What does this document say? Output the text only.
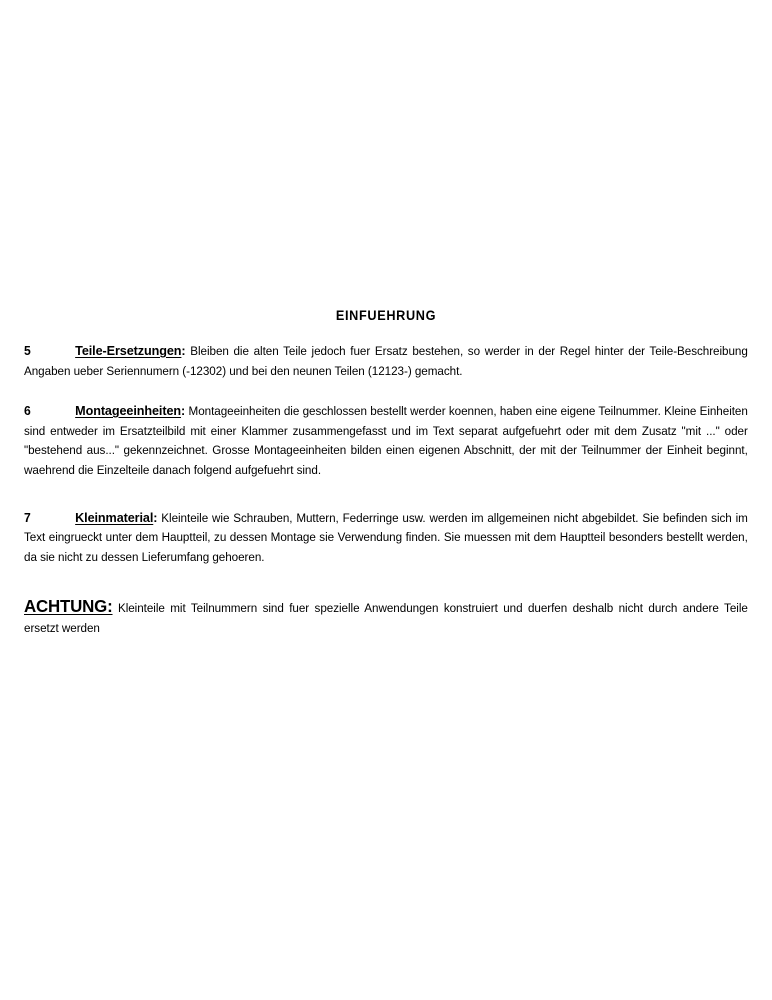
EINFUEHRUNG

5	Teile-Ersetzungen: Bleiben die alten Teile jedoch fuer Ersatz bestehen, so werder in der Regel hinter der Teile-Beschreibung Angaben ueber Seriennumern (-12302) und bei den neunen Teilen (12123-) gemacht.

6	Montageeinheiten: Montageeinheiten die geschlossen bestellt werder koennen, haben eine eigene Teilnummer. Kleine Einheiten sind entweder im Ersatzteilbild mit einer Klammer zusammengefasst und im Text separat aufgefuehrt oder mit dem Zusatz "mit ..." oder "bestehend aus..." gekennzeichnet. Grosse Montageeinheiten bilden einen eigenen Abschnitt, der mit der Teilnummer der Einheit beginnt, waehrend die Einzelteile danach folgend aufgefuehrt sind.

7	Kleinmaterial: Kleinteile wie Schrauben, Muttern, Federringe usw. werden im allgemeinen nicht abgebildet. Sie befinden sich im Text eingrueckt unter dem Hauptteil, zu dessen Montage sie Verwendung finden. Sie muessen mit dem Hauptteil besonders bestellt werden, da sie nicht zu dessen Lieferumfang gehoeren.

ACHTUNG: Kleinteile mit Teilnummern sind fuer spezielle Anwendungen konstruiert und duerfen deshalb nicht durch andere Teile ersetzt werden
